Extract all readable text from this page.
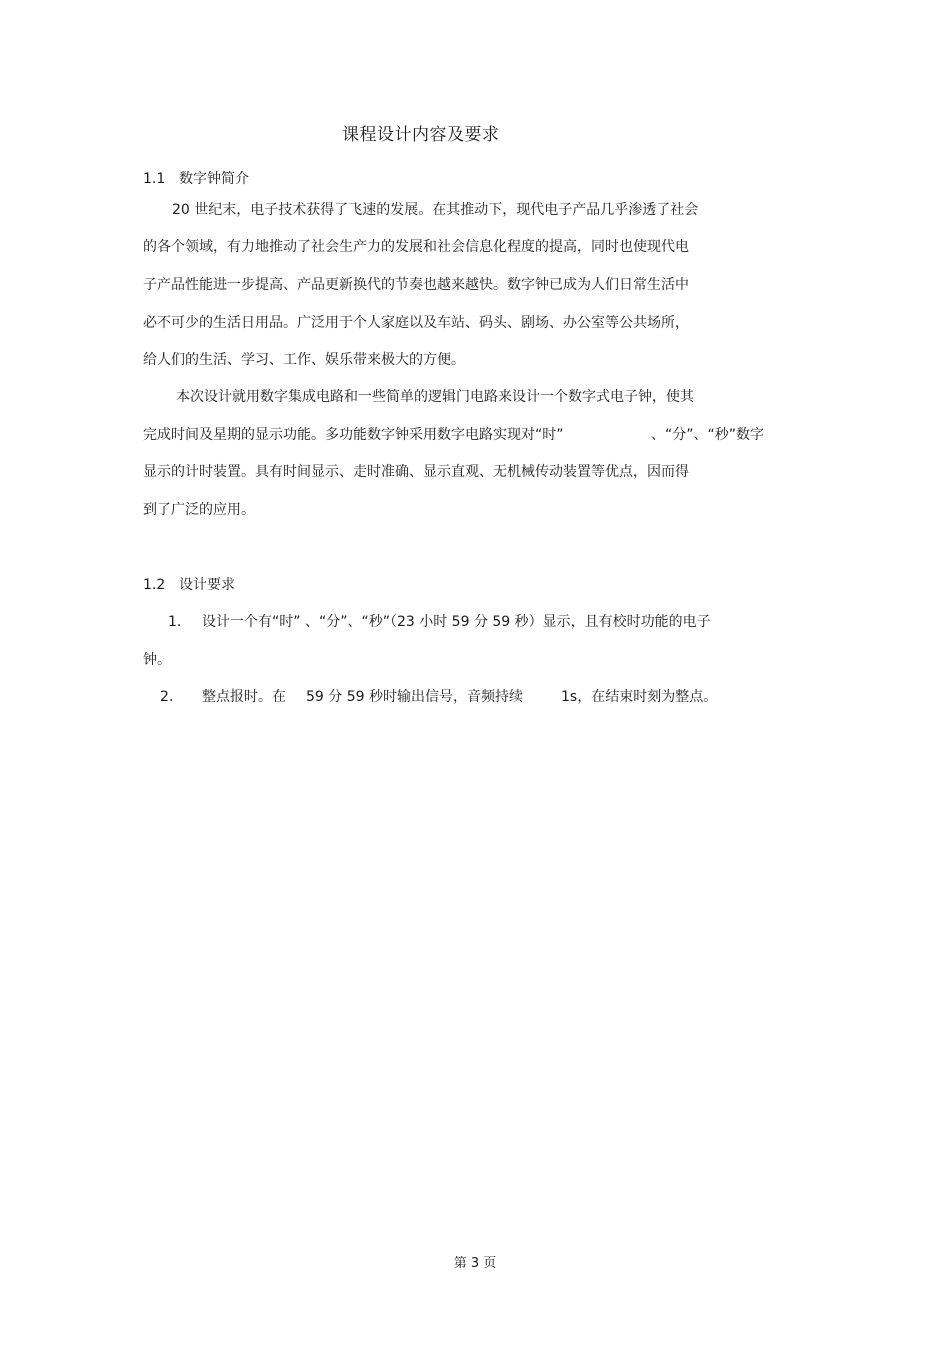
课程设计内容及要求
1.1 数字钟简介
20 世纪末，电子技术获得了飞速的发展。在其推动下，现代电子产品几乎渗透了社会
的各个领域，有力地推动了社会生产力的发展和社会信息化程度的提高，同时也使现代电
子产品性能进一步提高、产品更新换代的节奏也越来越快。数字钟已成为人们日常生活中
必不可少的生活日用品。广泛用于个人家庭以及车站、码头、剧场、办公室等公共场所，
给人们的生活、学习、工作、娱乐带来极大的方便。
本次设计就用数字集成电路和一些简单的逻辑门电路来设计一个数字式电子钟，使其
完成时间及星期的显示功能。多功能数字钟采用数字电路实现对“时”	、“分”、“秒”数字
显示的计时装置。具有时间显示、走时准确、显示直观、无机械传动装置等优点，因而得
到了广泛的应用。
1.2 设计要求
1. 设计一个有“时” 、“分”、“秒”（23 小时 59 分 59 秒）显示，且有校时功能的电子
钟。
2. 整点报时。在 59 分 59 秒时输出信号，音频持续	1s，在结束时刻为整点。
第 3 页
